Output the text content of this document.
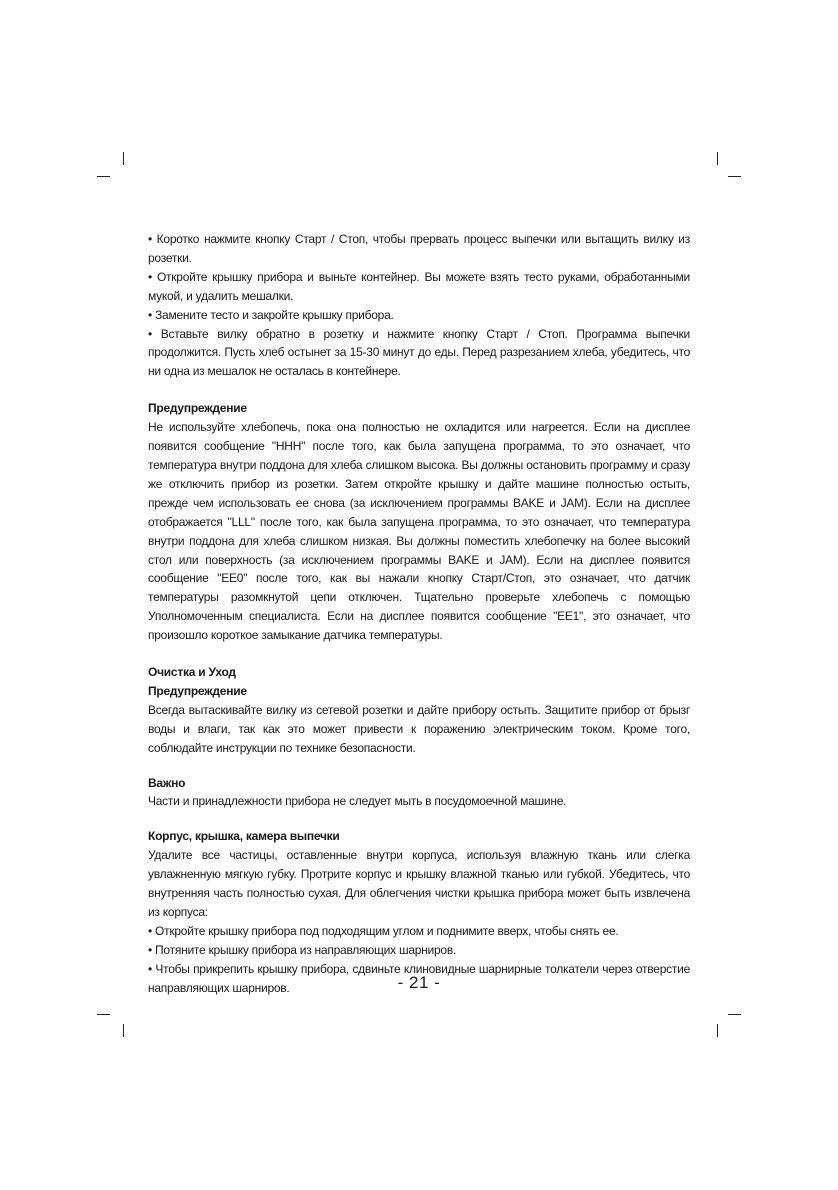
• Коротко нажмите кнопку Старт / Стоп, чтобы прервать процесс выпечки или вытащить вилку из розетки.

• Откройте крышку прибора и выньте контейнер. Вы можете взять тесто руками, обработанными мукой, и удалить мешалки.

• Замените тесто и закройте крышку прибора.

• Вставьте вилку обратно в розетку и нажмите кнопку Старт / Стоп. Программа выпечки продолжится. Пусть хлеб остынет за 15-30 минут до еды. Перед разрезанием хлеба, убедитесь, что ни одна из мешалок не осталась в контейнере.

Предупреждение

Не используйте хлебопечь, пока она полностью не охладится или нагреется. Если на дисплее появится сообщение "HHH" после того, как была запущена программа, то это означает, что температура внутри поддона для хлеба слишком высока. Вы должны остановить программу и сразу же отключить прибор из розетки. Затем откройте крышку и дайте машине полностью остыть, прежде чем использовать ее снова (за исключением программы BAKE и JAM). Если на дисплее отображается "LLL" после того, как была запущена программа, то это означает, что температура внутри поддона для хлеба слишком низкая. Вы должны поместить хлебопечку на более высокий стол или поверхность (за исключением программы BAKE и JAM). Если на дисплее появится сообщение "EE0" после того, как вы нажали кнопку Старт/Стоп, это означает, что датчик температуры разомкнутой цепи отключен. Тщательно проверьте хлебопечь с помощью Уполномоченным специалиста. Если на дисплее появится сообщение "EE1", это означает, что произошло короткое замыкание датчика температуры.

Очистка и Уход

Предупреждение

Всегда вытаскивайте вилку из сетевой розетки и дайте прибору остыть. Защитите прибор от брызг воды и влаги, так как это может привести к поражению электрическим током. Кроме того, соблюдайте инструкции по технике безопасности.

Важно

Части и принадлежности прибора не следует мыть в посудомоечной машине.

Корпус, крышка, камера выпечки

Удалите все частицы, оставленные внутри корпуса, используя влажную ткань или слегка увлажненную мягкую губку. Протрите корпус и крышку влажной тканью или губкой. Убедитесь, что внутренняя часть полностью сухая. Для облегчения чистки крышка прибора может быть извлечена из корпуса:

• Откройте крышку прибора под подходящим углом и поднимите вверх, чтобы снять ее.

• Потяните крышку прибора из направляющих шарниров.

• Чтобы прикрепить крышку прибора, сдвиньте клиновидные шарнирные толкатели через отверстие направляющих шарниров.	- 21 -
